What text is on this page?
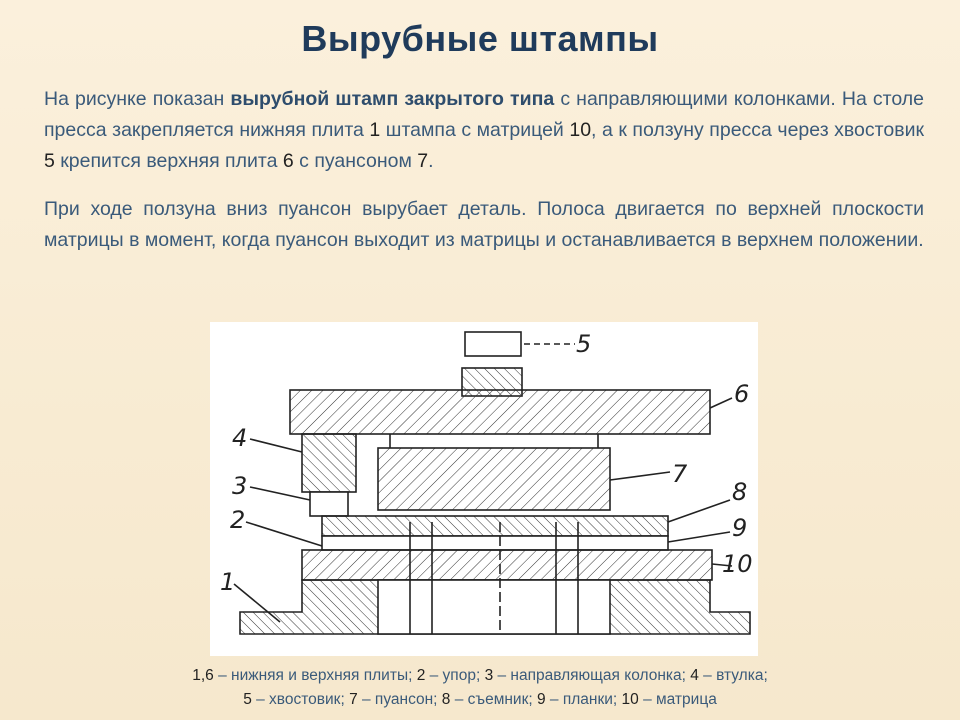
Вырубные штампы
На рисунке показан вырубной штамп закрытого типа с направляющими колонками. На столе пресса закрепляется нижняя плита 1 штампа с матрицей 10, а к ползуну пресса через хвостовик 5 крепится верхняя плита 6 с пуансоном 7.
При ходе ползуна вниз пуансон вырубает деталь. Полоса двигается по верхней плоскости матрицы в момент, когда пуансон выходит из матрицы и останавливается в верхнем положении.
5
6
4
7
3	8
2	9
10
1
1,6 – нижняя и верхняя плиты; 2 – упор; 3 – направляющая колонка; 4 – втулка;
5 – хвостовик; 7 – пуансон; 8 – съемник; 9 – планки; 10 – матрица
